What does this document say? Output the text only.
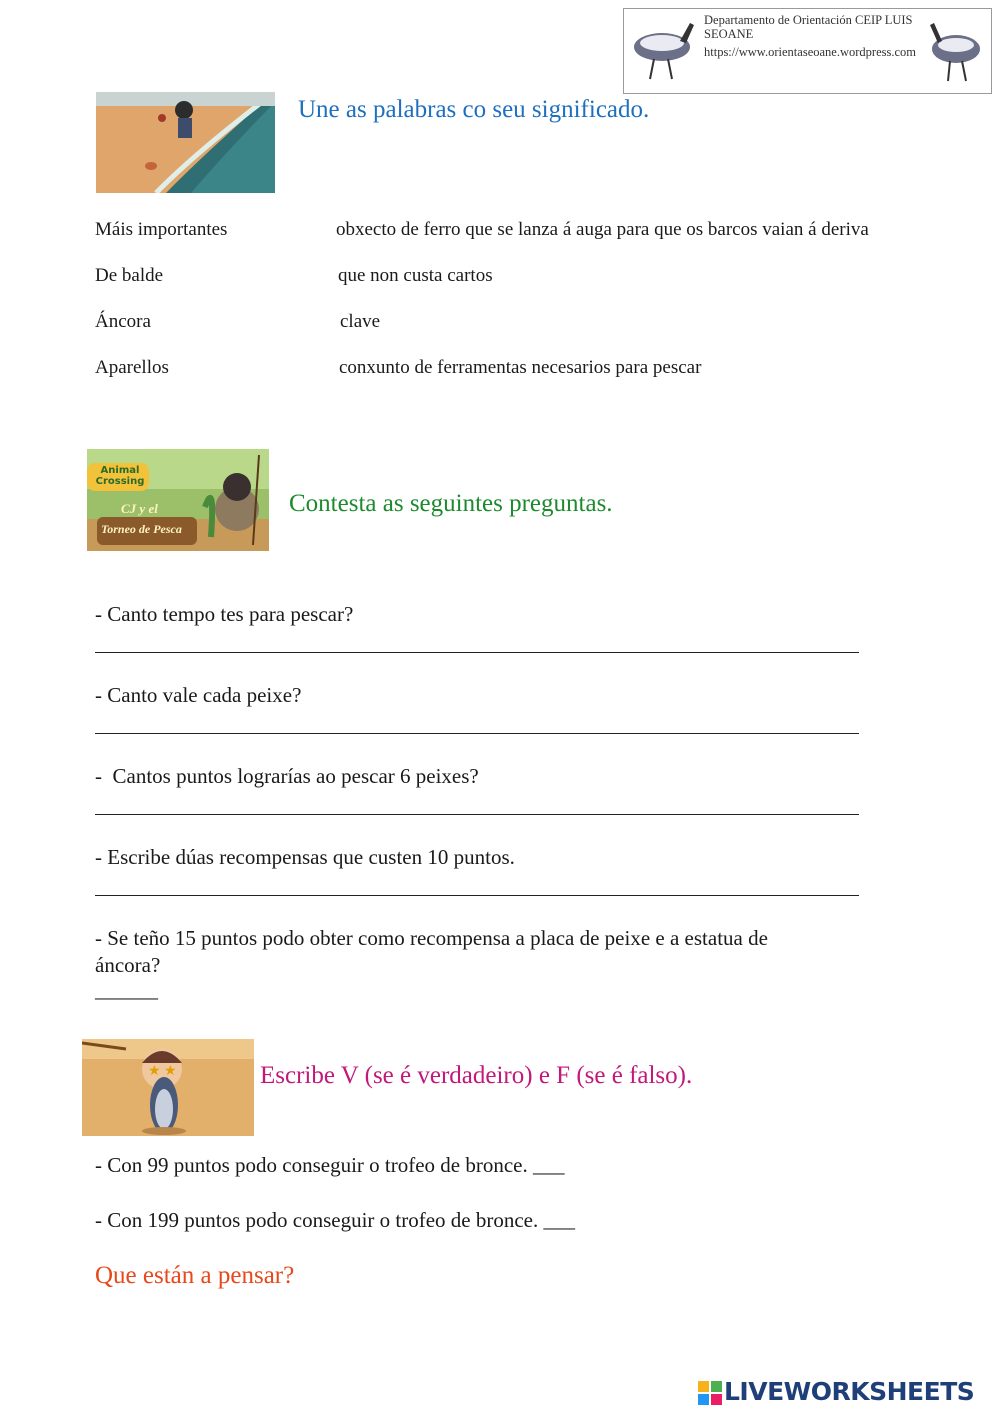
Departamento de Orientación CEIP LUIS
SEOANE
https://www.orientaseoane.wordpress.com
Une as palabras co seu significado.
Máis importantes	obxecto de ferro que se lanza á auga para que os barcos vaian á deriva
De balde	que non custa cartos
Áncora	clave
Aparellos	conxunto de ferramentas necesarios para pescar
Animal Crossing
CJ y el
Torneo de Pesca
Contesta as seguintes preguntas.
- Canto tempo tes para pescar?
- Canto vale cada peixe?
-  Cantos puntos lograrías ao pescar 6 peixes?
- Escribe dúas recompensas que custen 10 puntos.
- Se teño 15 puntos podo obter como recompensa a placa de peixe e a estatua de
áncora?
______
★ ★	Escribe V (se é verdadeiro) e F (se é falso).
- Con 99 puntos podo conseguir o trofeo de bronce. ___
- Con 199 puntos podo conseguir o trofeo de bronce. ___
Que están a pensar?
LIVEWORKSHEETS
